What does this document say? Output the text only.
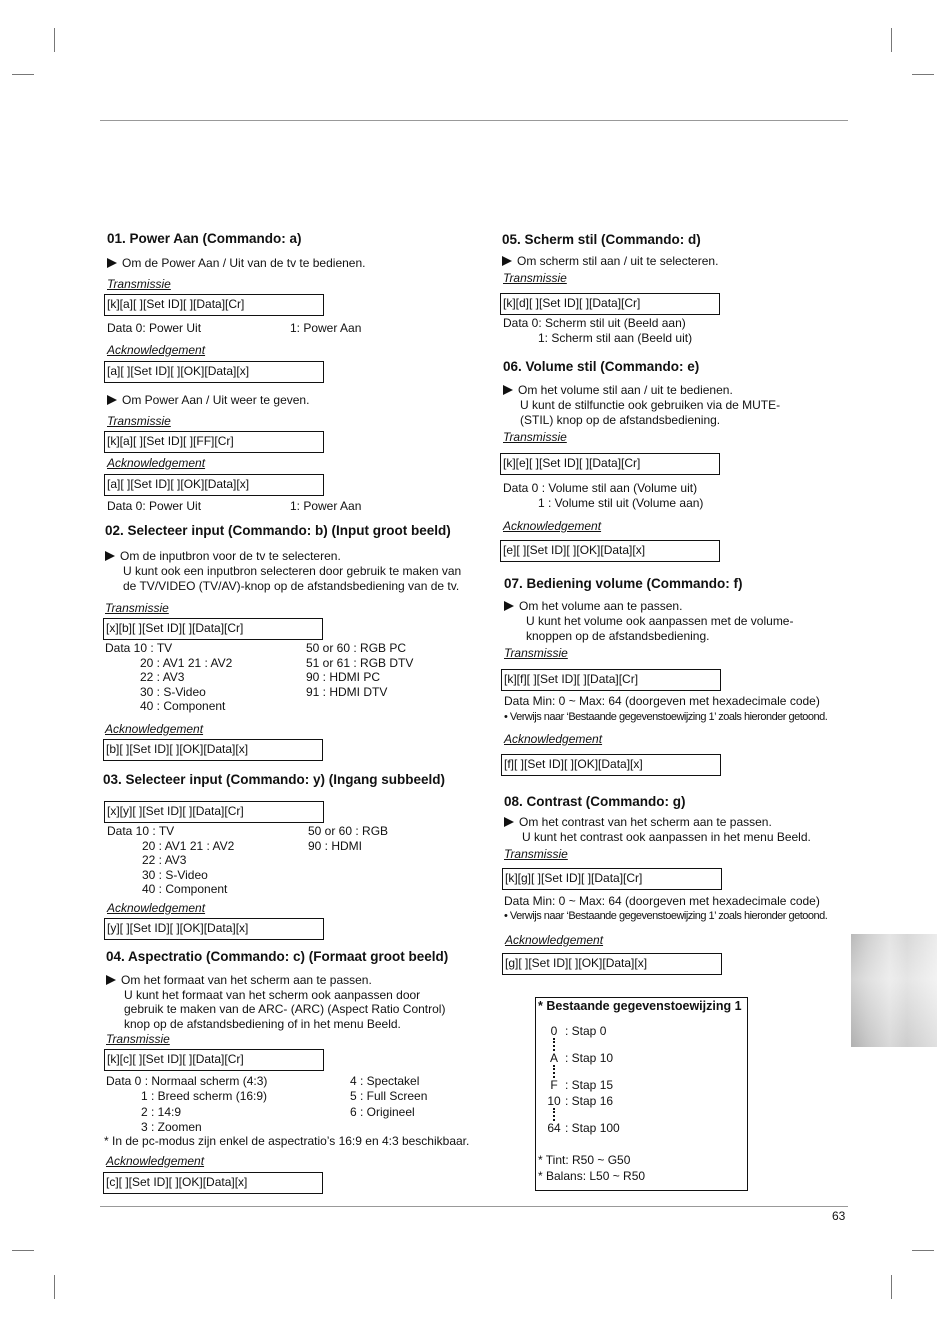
63
01. Power Aan (Commando: a)
Om de Power Aan / Uit van de tv te bedienen.
Transmissie
[k][a][ ][Set ID][ ][Data][Cr]
Data 0: Power Uit	1: Power Aan
Acknowledgement
[a][ ][Set ID][ ][OK][Data][x]
Om Power Aan / Uit weer te geven.
Transmissie
[k][a][ ][Set ID][ ][FF][Cr]
Acknowledgement
[a][ ][Set ID][ ][OK][Data][x]
Data 0: Power Uit	1: Power Aan
02. Selecteer input (Commando: b) (Input groot beeld)
Om de inputbron voor de tv te selecteren.
U kunt ook een inputbron selecteren door gebruik te maken van
de TV/VIDEO (TV/AV)-knop op de afstandsbediening van de tv.
Transmissie
[x][b][ ][Set ID][ ][Data][Cr]
Data 10 : TV
20 : AV1 21 : AV2
22 : AV3
30 : S-Video
40 : Component
50 or 60 : RGB PC
51 or 61 : RGB DTV
90 : HDMI PC
91 : HDMI DTV
Acknowledgement
[b][ ][Set ID][ ][OK][Data][x]
03. Selecteer input (Commando: y) (Ingang subbeeld)
[x][y][ ][Set ID][ ][Data][Cr]
Data 10 : TV
20 : AV1 21 : AV2
22 : AV3
30 : S-Video
40 : Component
50 or 60 : RGB
90 : HDMI
Acknowledgement
[y][ ][Set ID][ ][OK][Data][x]
04. Aspectratio (Commando: c) (Formaat groot beeld)
Om het formaat van het scherm aan te passen.
U kunt het formaat van het scherm ook aanpassen door
gebruik te maken van de ARC- (ARC) (Aspect Ratio Control)
knop op de afstandsbediening of in het menu Beeld.
Transmissie
[k][c][ ][Set ID][ ][Data][Cr]
Data 0 : Normaal scherm (4:3)
1 : Breed scherm (16:9)
2 : 14:9
3 : Zoomen
4 : Spectakel
5 : Full Screen
6 : Origineel
* In de pc-modus zijn enkel de aspectratio’s 16:9 en 4:3 beschikbaar.
Acknowledgement
[c][ ][Set ID][ ][OK][Data][x]
05. Scherm stil (Commando: d)
Om scherm stil aan / uit te selecteren.
Transmissie
[k][d][ ][Set ID][ ][Data][Cr]
Data 0: Scherm stil uit (Beeld aan)
1: Scherm stil aan (Beeld uit)
06. Volume stil (Commando: e)
Om het volume stil aan / uit te bedienen.
U kunt de stilfunctie ook gebruiken via de MUTE-
(STIL) knop op de afstandsbediening.
Transmissie
[k][e][ ][Set ID][ ][Data][Cr]
Data 0 : Volume stil aan (Volume uit)
1 : Volume stil uit (Volume aan)
Acknowledgement
[e][ ][Set ID][ ][OK][Data][x]
07. Bediening volume (Commando: f)
Om het volume aan te passen.
U kunt het volume ook aanpassen met de volume-
knoppen op de afstandsbediening.
Transmissie
[k][f][ ][Set ID][ ][Data][Cr]
Data Min: 0 ~ Max: 64 (doorgeven met hexadecimale code)
• Verwijs naar ‘Bestaande gegevenstoewijzing 1’ zoals hieronder getoond.
Acknowledgement
[f][ ][Set ID][ ][OK][Data][x]
08. Contrast (Commando: g)
Om het contrast van het scherm aan te passen.
U kunt het contrast ook aanpassen in het menu Beeld.
Transmissie
[k][g][ ][Set ID][ ][Data][Cr]
Data Min: 0 ~ Max: 64 (doorgeven met hexadecimale code)
• Verwijs naar ‘Bestaande gegevenstoewijzing 1’ zoals hieronder getoond.
Acknowledgement
[g][ ][Set ID][ ][OK][Data][x]
* Bestaande gegevenstoewijzing 1
0 : Stap 0
A : Stap 10
F : Stap 15
10 : Stap 16
64 : Stap 100
* Tint: R50 ~ G50
* Balans: L50 ~ R50
